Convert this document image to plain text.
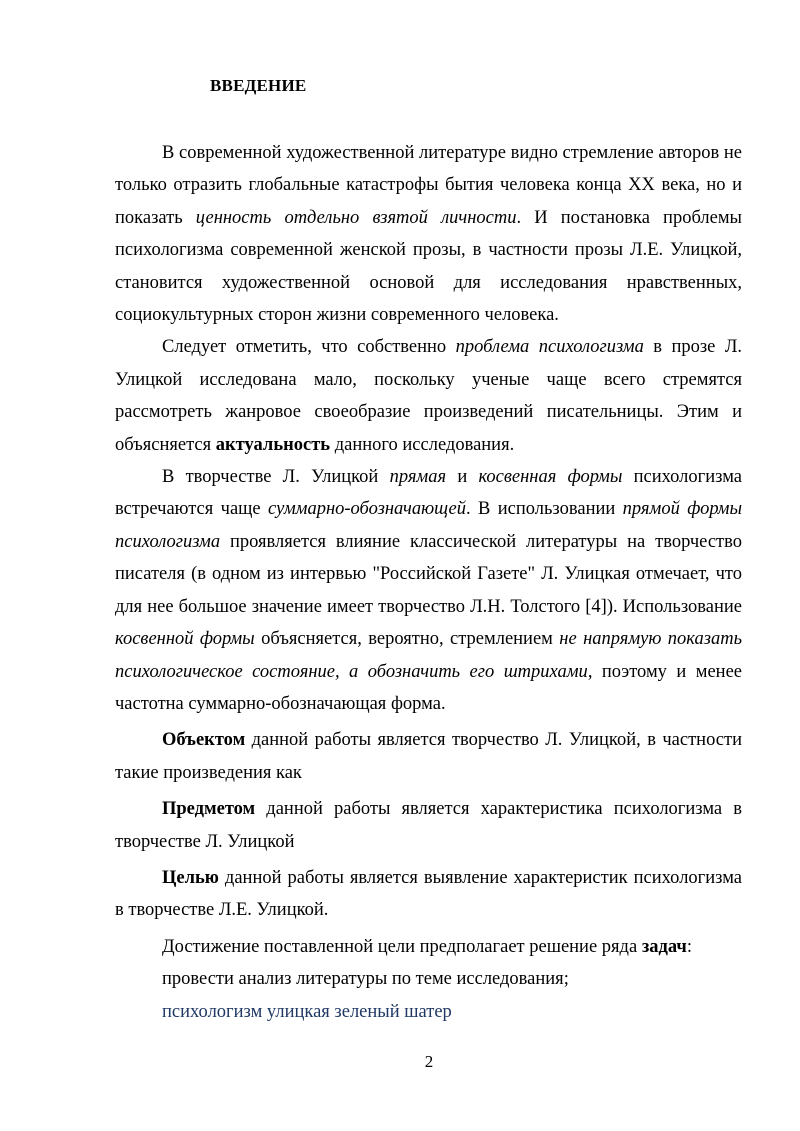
ВВЕДЕНИЕ

В современной художественной литературе видно стремление авторов не только отразить глобальные катастрофы бытия человека конца XX века, но и показать ценность отдельно взятой личности. И постановка проблемы психологизма современной женской прозы, в частности прозы Л.Е. Улицкой, становится художественной основой для исследования нравственных, социокультурных сторон жизни современного человека.

Следует отметить, что собственно проблема психологизма в прозе Л. Улицкой исследована мало, поскольку ученые чаще всего стремятся рассмотреть жанровое своеобразие произведений писательницы. Этим и объясняется актуальность данного исследования.

В творчестве Л. Улицкой прямая и косвенная формы психологизма встречаются чаще суммарно-обозначающей. В использовании прямой формы психологизма проявляется влияние классической литературы на творчество писателя (в одном из интервью "Российской Газете" Л. Улицкая отмечает, что для нее большое значение имеет творчество Л.Н. Толстого [4]). Использование косвенной формы объясняется, вероятно, стремлением не напрямую показать психологическое состояние, а обозначить его штрихами, поэтому и менее частотна суммарно-обозначающая форма.

Объектом данной работы является творчество Л. Улицкой, в частности такие произведения как

Предметом данной работы является характеристика психологизма в творчестве Л. Улицкой

Целью данной работы является выявление характеристик психологизма в творчестве Л.Е. Улицкой.

Достижение поставленной цели предполагает решение ряда задач:

провести анализ литературы по теме исследования;

психологизм улицкая зеленый шатер

2
